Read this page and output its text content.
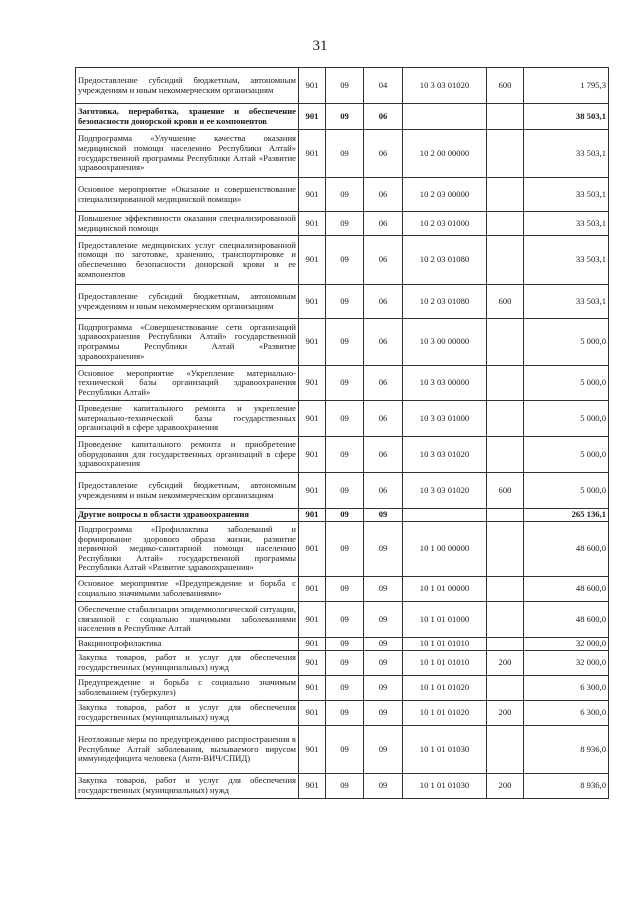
31
Предоставление субсидий бюджетным, автономным учреждениям и иным некоммерческим организациям	901	09	04	10 3 03 01020	600	1 795,3
Заготовка, переработка, хранение и обеспечение безопасности донорской крови и ее компонентов	901	09	06			38 503,1
Подпрограмма «Улучшение качества оказания медицинской помощи населению Республики Алтай» государственной программы Республики Алтай «Развитие здравоохранения»	901	09	06	10 2 00 00000		33 503,1
Основное мероприятие «Оказание и совершенствование специализированной медицинской помощи»	901	09	06	10 2 03 00000		33 503,1
Повышение эффективности оказания специализированной медицинской помощи	901	09	06	10 2 03 01000		33 503,1
Предоставление медицинских услуг специализированной помощи по заготовке, хранению, транспортировке и обеспечению безопасности донорской крови и ее компонентов	901	09	06	10 2 03 01080		33 503,1
Предоставление субсидий бюджетным, автономным учреждениям и иным некоммерческим организациям	901	09	06	10 2 03 01080	600	33 503,1
Подпрограмма «Совершенствование сети организаций здравоохранения Республики Алтай» государственной программы Республики Алтай «Развитие здравоохранения»	901	09	06	10 3 00 00000		5 000,0
Основное мероприятие «Укрепление материально-технической базы организаций здравоохранения Республики Алтай»	901	09	06	10 3 03 00000		5 000,0
Проведение капитального ремонта и укрепление материально-технической базы государственных организаций в сфере здравоохранения	901	09	06	10 3 03 01000		5 000,0
Проведение капитального ремонта и приобретение оборудования для государственных организаций в сфере здравоохранения	901	09	06	10 3 03 01020		5 000,0
Предоставление субсидий бюджетным, автономным учреждениям и иным некоммерческим организациям	901	09	06	10 3 03 01020	600	5 000,0
Другие вопросы в области здравоохранения	901	09	09			265 136,1
Подпрограмма «Профилактика заболеваний и формирование здорового образа жизни, развитие первичной медико-санитарной помощи населению Республики Алтай» государственной программы Республики Алтай «Развитие здравоохранения»	901	09	09	10 1 00 00000		48 600,0
Основное мероприятие «Предупреждение и борьба с социально значимыми заболеваниями»	901	09	09	10 1 01 00000		48 600,0
Обеспечение стабилизации эпидемиологической ситуации, связанной с социально значимыми заболеваниями населения в Республике Алтай	901	09	09	10 1 01 01000		48 600,0
Вакцинопрофилактика	901	09	09	10 1 01 01010		32 000,0
Закупка товаров, работ и услуг для обеспечения государственных (муниципальных) нужд	901	09	09	10 1 01 01010	200	32 000,0
Предупреждение и борьба с социально значимым заболеванием (туберкулез)	901	09	09	10 1 01 01020		6 300,0
Закупка товаров, работ и услуг для обеспечения государственных (муниципальных) нужд	901	09	09	10 1 01 01020	200	6 300,0
Неотложные меры по предупреждению распространения в Республике Алтай заболевания, вызываемого вирусом иммунодефицита человека (Анти-ВИЧ/СПИД)	901	09	09	10 1 01 01030		8 936,0
Закупка товаров, работ и услуг для обеспечения государственных (муниципальных) нужд	901	09	09	10 1 01 01030	200	8 936,0
